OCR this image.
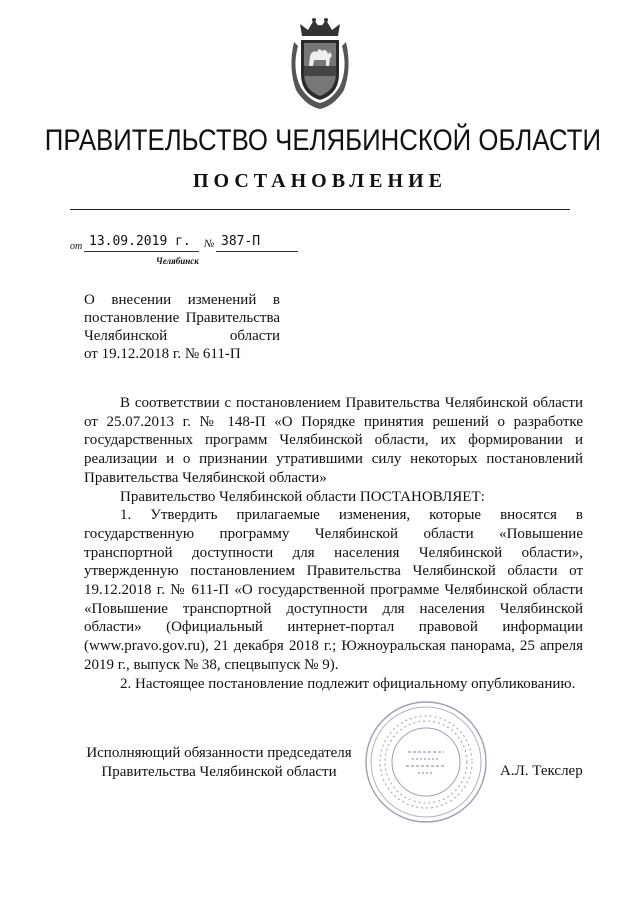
ПРАВИТЕЛЬСТВО ЧЕЛЯБИНСКОЙ ОБЛАСТИ
ПОСТАНОВЛЕНИЕ
от 13.09.2019 г. № 387-П
Челябинск
О внесении изменений в
постановление Правительства
Челябинской области
от 19.12.2018 г. № 611-П

В соответствии с постановлением Правительства Челябинской области от 25.07.2013 г. № 148-П «О Порядке принятия решений о разработке государственных программ Челябинской области, их формировании и реализации и о признании утратившими силу некоторых постановлений Правительства Челябинской области»

Правительство Челябинской области ПОСТАНОВЛЯЕТ:

1. Утвердить прилагаемые изменения, которые вносятся в государственную программу Челябинской области «Повышение транспортной доступности для населения Челябинской области», утвержденную постановлением Правительства Челябинской области от 19.12.2018 г. № 611-П «О государственной программе Челябинской области «Повышение транспортной доступности для населения Челябинской области» (Официальный интернет-портал правовой информации (www.pravo.gov.ru), 21 декабря 2018 г.; Южноуральская панорама, 25 апреля 2019 г., выпуск № 38, спецвыпуск № 9).

2. Настоящее постановление подлежит официальному опубликованию.

Исполняющий обязанности председателя
Правительства Челябинской области	А.Л. Текслер
